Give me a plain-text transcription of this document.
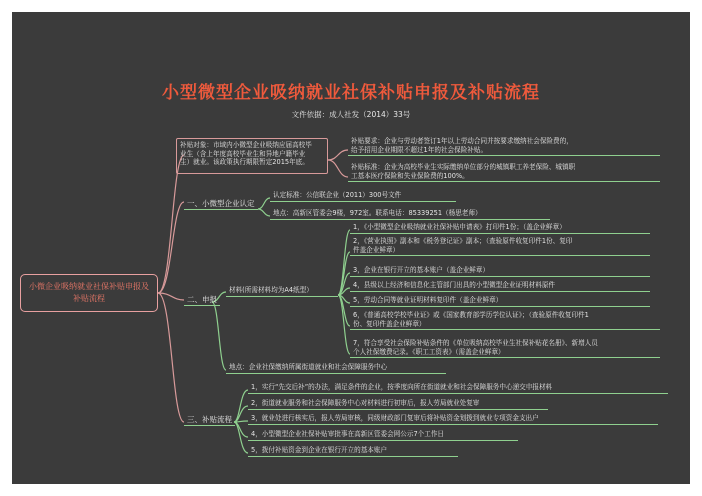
小型微型企业吸纳就业社保补贴申报及补贴流程
文件依据：成人社发（2014）33号
小微企业吸纳就业社保补贴申报及补贴流程
补贴对象：市域内小微型企业吸纳应届高校毕
业生（含上年度高校毕业生和异地户籍毕业
生）就业。该政策执行期限暂定2015年底。
补贴要求：企业与劳动者签订1年以上劳动合同并按要求缴纳社会保险费的，
给予招用企业期限不超过1年的社会保险补贴。
补贴标准：企业为高校毕业生实际缴纳单位部分的城镇职工养老保险、城镇职
工基本医疗保险和失业保险费的100%。
一、小微型企业认定
认定标准：公信联企业（2011）300号文件
地点：高新区管委会9楼，972室。联系电话：85339251（杨思老师）
二、申报
材料(所需材料均为A4纸型）
1，《小型微型企业吸纳就业社保补贴申请表》打印件1份；（盖企业鲜章）
2，《营业执照》副本和《税务登记证》副本；（查验原件收复印件1份、复印
件盖企业鲜章）
3，企业在银行开立的基本账户（盖企业鲜章）
4，县级以上经济和信息化主管部门出具的小型微型企业证明材料原件
5，劳动合同等就业证明材料复印件（盖企业鲜章）
6，《普通高校学校毕业证》或《国家教育部学历学位认证》；（查验原件收复印件1
份、复印件盖企业鲜章）
7，符合享受社会保险补贴条件的《单位吸纳高校毕业生社保补贴花名册》、新增人员
个人社保缴费记录。《职工工资表》（需盖企业鲜章）
地点：企业社保缴纳所属街道就业和社会保障服务中心
三、补贴流程
1，实行“先交后补”的办法，满足条件的企业，按季度向所在街道就业和社会保障服务中心递交申报材料
2，街道就业服务和社会保障服务中心对材料进行初审后，报人劳局就业处复审
3，就业处进行核实后，报人劳局审核，同级财政部门复审后将补贴资金划拨到就业专项资金支出户
4，小型微型企业社保补贴审批事在高新区管委会网公示7个工作日
5，拨付补贴资金到企业在银行开立的基本账户
